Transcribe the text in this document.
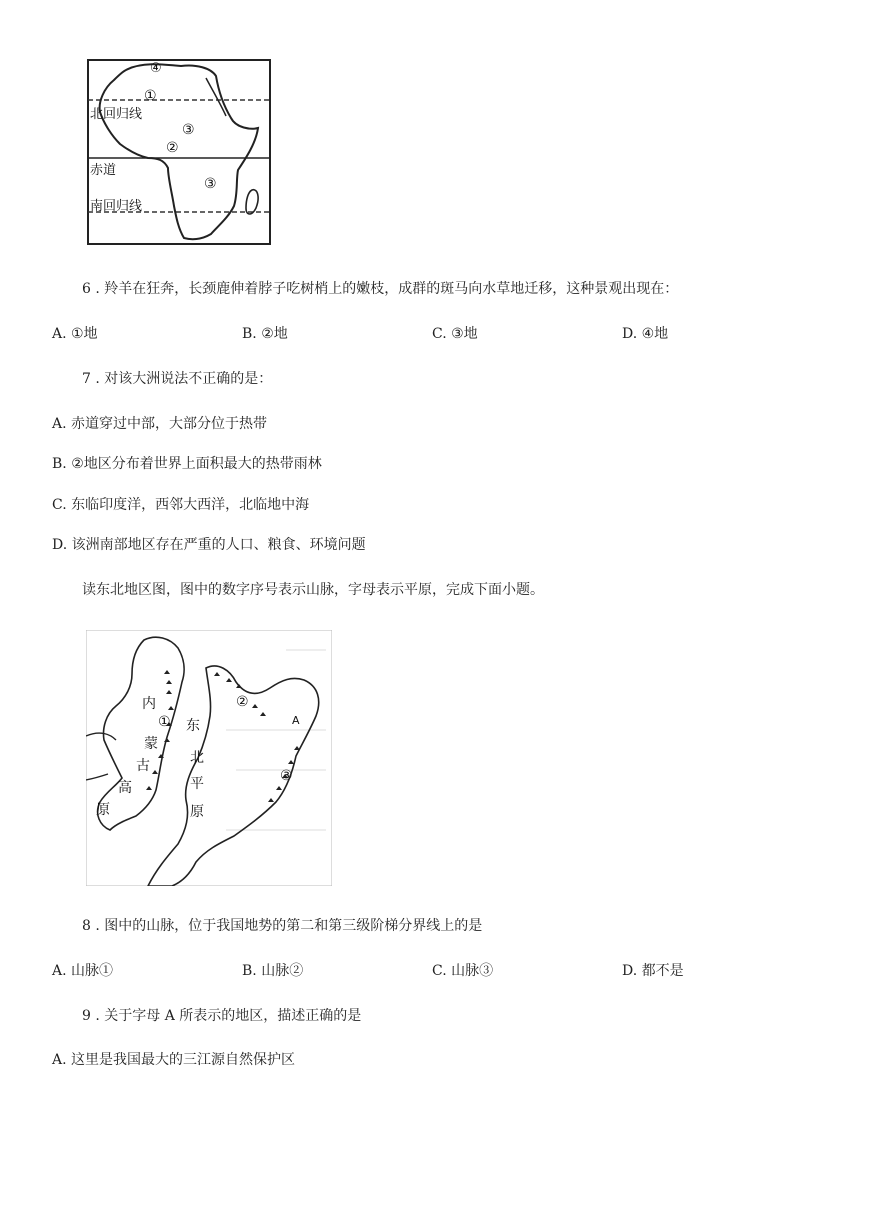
北回归线
赤道
南回归线
④
①
③
②
③
6 . 羚羊在狂奔，长颈鹿伸着脖子吃树梢上的嫩枝，成群的斑马向水草地迁移，这种景观出现在：
A. ①地	B. ②地	C. ③地	D. ④地
7 . 对该大洲说法不正确的是：
A. 赤道穿过中部，大部分位于热带
B. ②地区分布着世界上面积最大的热带雨林
C. 东临印度洋，西邻大西洋，北临地中海
D. 该洲南部地区存在严重的人口、粮食、环境问题
读东北地区图，图中的数字序号表示山脉，字母表示平原，完成下面小题。
内
①
蒙
古
高
原
东
北
平
原
②
A
③
8 . 图中的山脉，位于我国地势的第二和第三级阶梯分界线上的是
A. 山脉①	B. 山脉②	C. 山脉③	D. 都不是
9 . 关于字母 A 所表示的地区，描述正确的是
A. 这里是我国最大的三江源自然保护区
